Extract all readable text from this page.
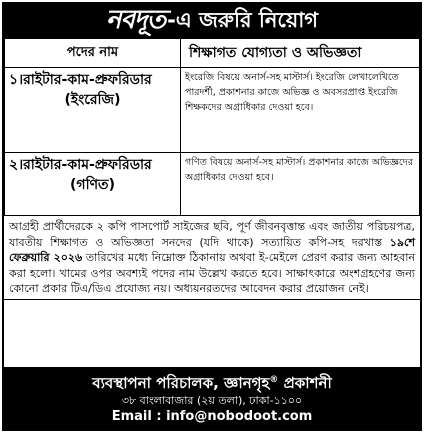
নবদূত -এ জরুরি নিয়োগ
পদের নাম	শিক্ষাগত যোগ্যতা ও অভিজ্ঞতা
১।রাইটার-কাম-প্রুফরিডার
(ইংরেজি)	ইংরেজি বিষয়ে অনার্স-সহ মাস্টার্স। ইংরেজি লেখালেখিতে পারদর্শী, প্রকাশনার কাজে অভিজ্ঞ ও অবসরপ্রাপ্ত ইংরেজি শিক্ষকদের অগ্রাধিকার দেওয়া হবে।
২।রাইটার-কাম-প্রুফরিডার
(গণিত)	গণিত বিষয়ে অনার্স-সহ মাস্টার্স। প্রকাশনার কাজে অভিজ্ঞদের অগ্রাধিকার দেওয়া হবে।
আগ্রহী প্রার্থীদেরকে ২ কপি পাসপোর্ট সাইজের ছবি, পূর্ণ জীবনবৃত্তান্ত এবং জাতীয় পরিচয়পত্র, যাবতীয় শিক্ষাগত ও অভিজ্ঞতা সনদের (যদি থাকে) সত্যায়িত কপি-সহ দরখাস্ত ১৯শে ফেব্রুয়ারি ২০২৬ তারিখের মধ্যে নিম্নোক্ত ঠিকানায় অথবা ই-মেইলে প্রেরণ করার জন্য আহবান করা হলো। খামের ওপর অবশ্যই পদের নাম উল্লেখ করতে হবে। সাক্ষাৎকারে অংশগ্রহণের জন্য কোনো প্রকার টিএ/ডিএ প্রযোজ্য নয়। অধ্যয়নরতদের আবেদন করার প্রয়োজন নেই।
ব্যবস্থাপনা পরিচালক, জ্ঞানগৃহ® প্রকাশনী
৩৮ বাংলাবাজার (২য় তলা), ঢাকা-১১০০
Email : info@nobodoot.com
